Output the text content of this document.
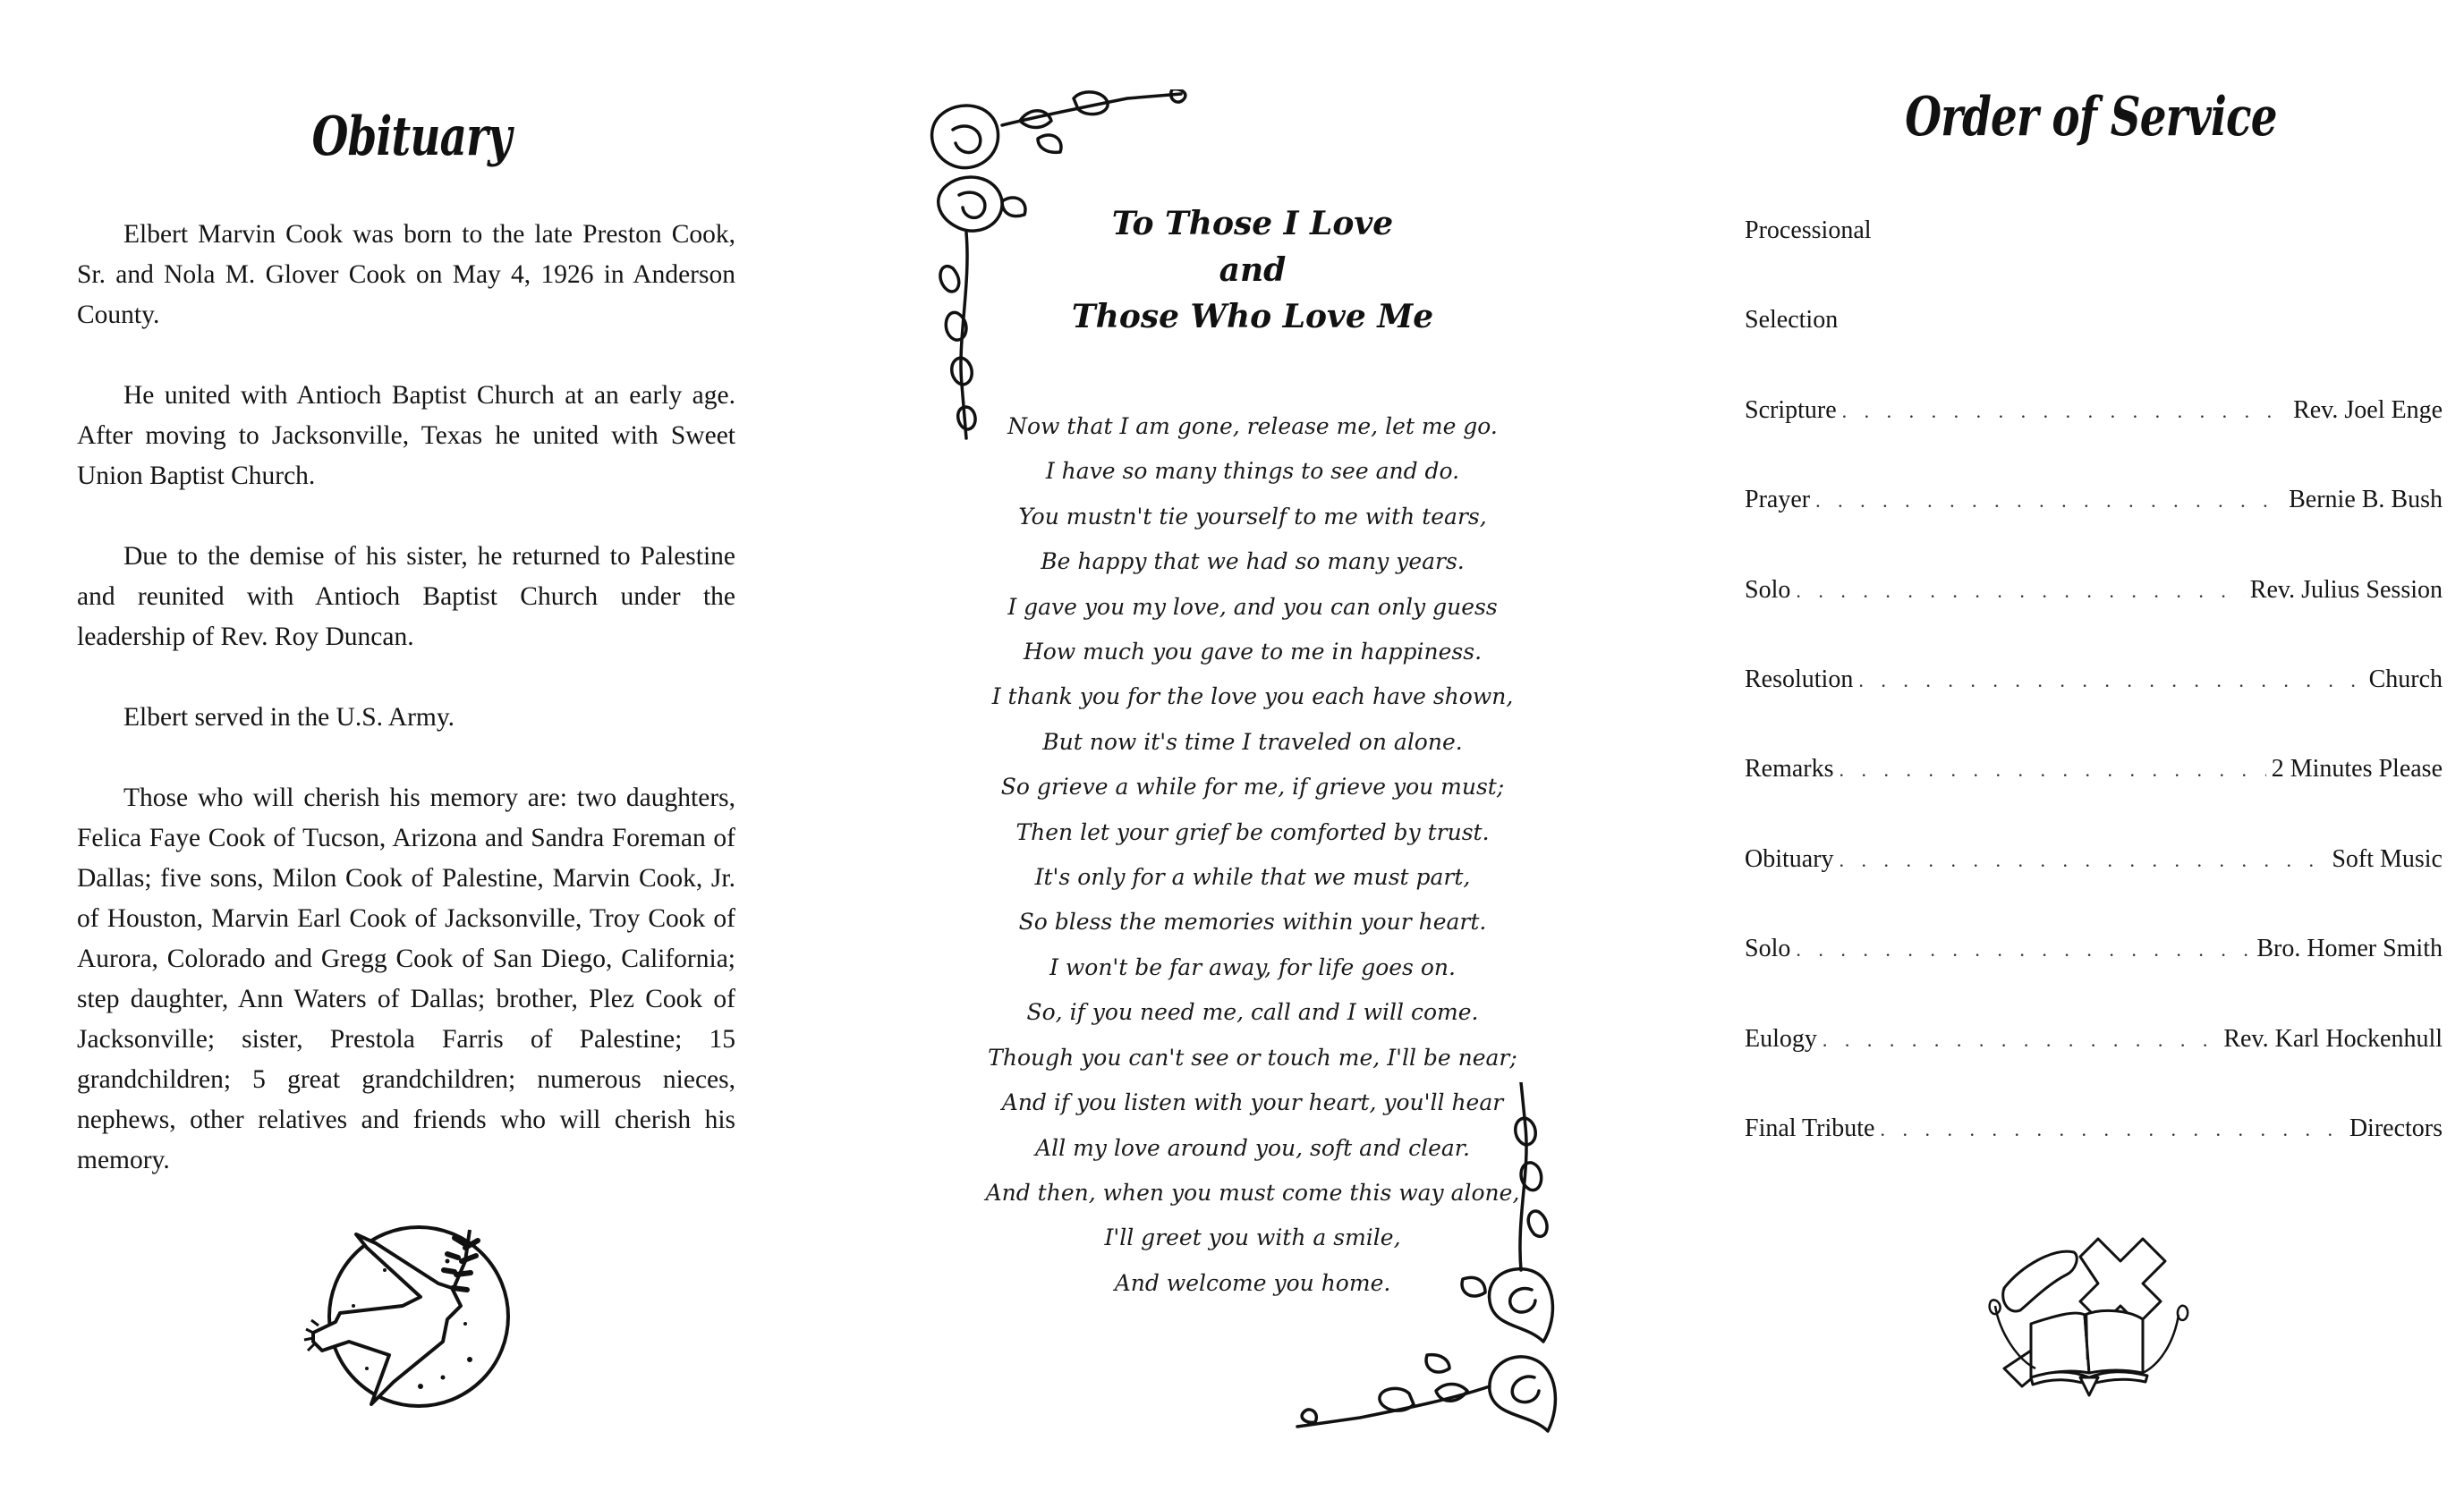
Obituary

Elbert Marvin Cook was born to the late Preston Cook, Sr. and Nola M. Glover Cook on May 4, 1926 in Anderson County.

He united with Antioch Baptist Church at an early age. After moving to Jacksonville, Texas he united with Sweet Union Baptist Church.

Due to the demise of his sister, he returned to Palestine and reunited with Antioch Baptist Church under the leadership of Rev. Roy Duncan.

Elbert served in the U.S. Army.

Those who will cherish his memory are: two daughters, Felica Faye Cook of Tucson, Arizona and Sandra Foreman of Dallas; five sons, Milon Cook of Palestine, Marvin Cook, Jr. of Houston, Marvin Earl Cook of Jacksonville, Troy Cook of Aurora, Colorado and Gregg Cook of San Diego, California; step daughter, Ann Waters of Dallas; brother, Plez Cook of Jacksonville; sister, Prestola Farris of Palestine; 15 grandchildren; 5 great grandchildren; numerous nieces, nephews, other relatives and friends who will cherish his memory.

To Those I Love
and
Those Who Love Me
Now that I am gone, release me, let me go.
I have so many things to see and do.
You mustn't tie yourself to me with tears,
Be happy that we had so many years.
I gave you my love, and you can only guess
How much you gave to me in happiness.
I thank you for the love you each have shown,
But now it's time I traveled on alone.
So grieve a while for me, if grieve you must;
Then let your grief be comforted by trust.
It's only for a while that we must part,
So bless the memories within your heart.
I won't be far away, for life goes on.
So, if you need me, call and I will come.
Though you can't see or touch me, I'll be near;
And if you listen with your heart, you'll hear
All my love around you, soft and clear.
And then, when you must come this way alone,
I'll greet you with a smile,
And welcome you home.
Order of Service
Processional
Selection
Scripture . . .	Rev. Joel Enge
Prayer . . .	Bernie B. Bush
Solo . . .	Rev. Julius Session
Resolution . . .	Church
Remarks . . .	2 Minutes Please
Obituary . . .	Soft Music
Solo . . .	Bro. Homer Smith
Eulogy . . .	Rev. Karl Hockenhull
Final Tribute . . .	Directors
